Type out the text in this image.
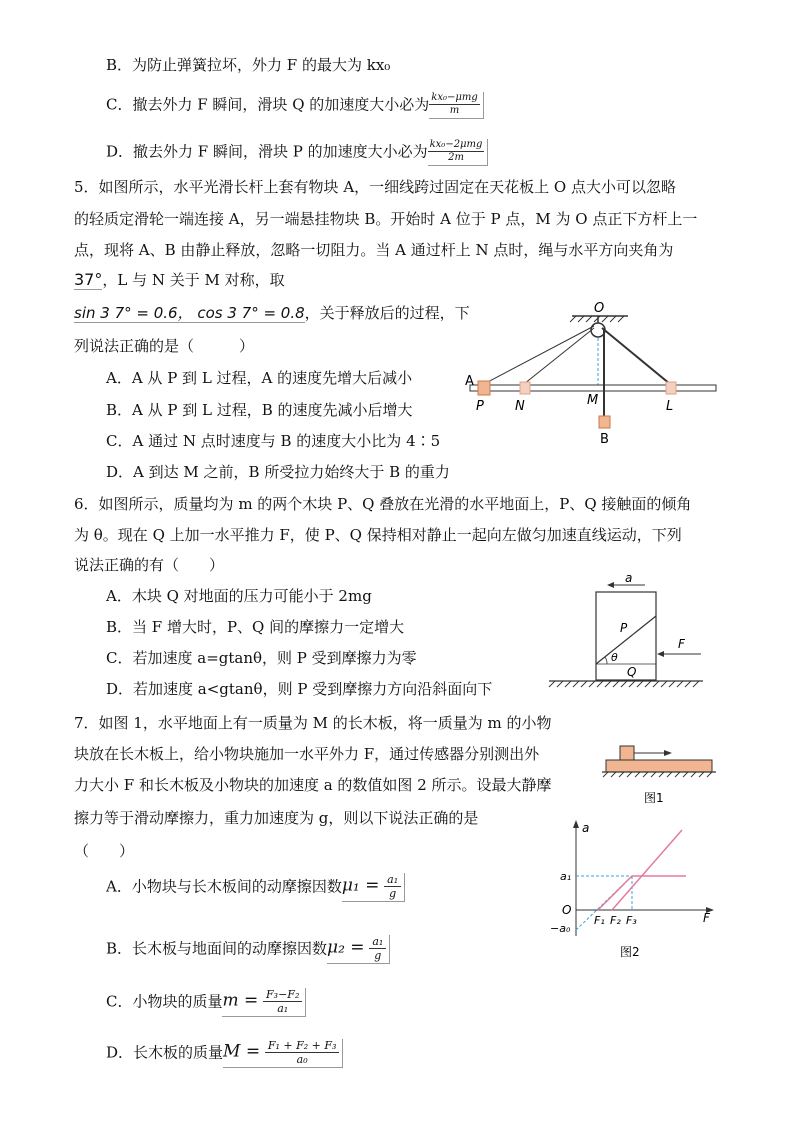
B．为防止弹簧拉坏，外力 F 的最大为 kx₀
C．撤去外力 F 瞬间，滑块 Q 的加速度大小必为 $\frac{\text{kx₀−μmg}}{m}$
D．撤去外力 F 瞬间，滑块 P 的加速度大小必为 $\frac{\text{kx₀−2μmg}}{2m}$
5．如图所示，水平光滑长杆上套有物块 A，一细线跨过固定在天花板上 O 点大小可以忽略
的轻质定滑轮一端连接 A，另一端悬挂物块 B。开始时 A 位于 P 点，M 为 O 点正下方杆上一
点，现将 A、B 由静止释放，忽略一切阻力。当 A 通过杆上 N 点时，绳与水平方向夹角为
37°，L 与 N 关于 M 对称，取
sin 3 7° = 0.6， cos 3 7° = 0.8，关于释放后的过程，下
列说法正确的是（　　　）
A．A 从 P 到 L 过程，A 的速度先增大后减小
B．A 从 P 到 L 过程，B 的速度先减小后增大
C．A 通过 N 点时速度与 B 的速度大小比为 4∶5
D．A 到达 M 之前，B 所受拉力始终大于 B 的重力
O
A
P N	M	L
B
6．如图所示，质量均为 m 的两个木块 P、Q 叠放在光滑的水平地面上，P、Q 接触面的倾角
为 θ。现在 Q 上加一水平推力 F，使 P、Q 保持相对静止一起向左做匀加速直线运动，下列
说法正确的有（　　）
A．木块 Q 对地面的压力可能小于 2mg
B．当 F 增大时，P、Q 间的摩擦力一定增大
C．若加速度 a=gtanθ，则 P 受到摩擦力为零
D．若加速度 a<gtanθ，则 P 受到摩擦力方向沿斜面向下
a
θ
P
Q
F
7．如图 1，水平地面上有一质量为 M 的长木板，将一质量为 m 的小物
块放在长木板上，给小物块施加一水平外力 F，通过传感器分别测出外
力大小 F 和长木板及小物块的加速度 a 的数值如图 2 所示。设最大静摩
擦力等于滑动摩擦力，重力加速度为 g，则以下说法正确的是
（　　）
A．小物块与长木板间的动摩擦因数$\mu_1 = \frac{\text{a₁}}{g}$
B．长木板与地面间的动摩擦因数$\mu_2 = \frac{\text{a₁}}{g}$
C．小物块的质量$m = \frac{\text{F₃−F₂}}{\text{a₁}}$
D．长木板的质量$M = \frac{\text{F₁ + F₂ + F₃}}{\text{a₀}}$
图1
a
F
a₁
O
−a₀
F₁ F₂ F₃
图2
